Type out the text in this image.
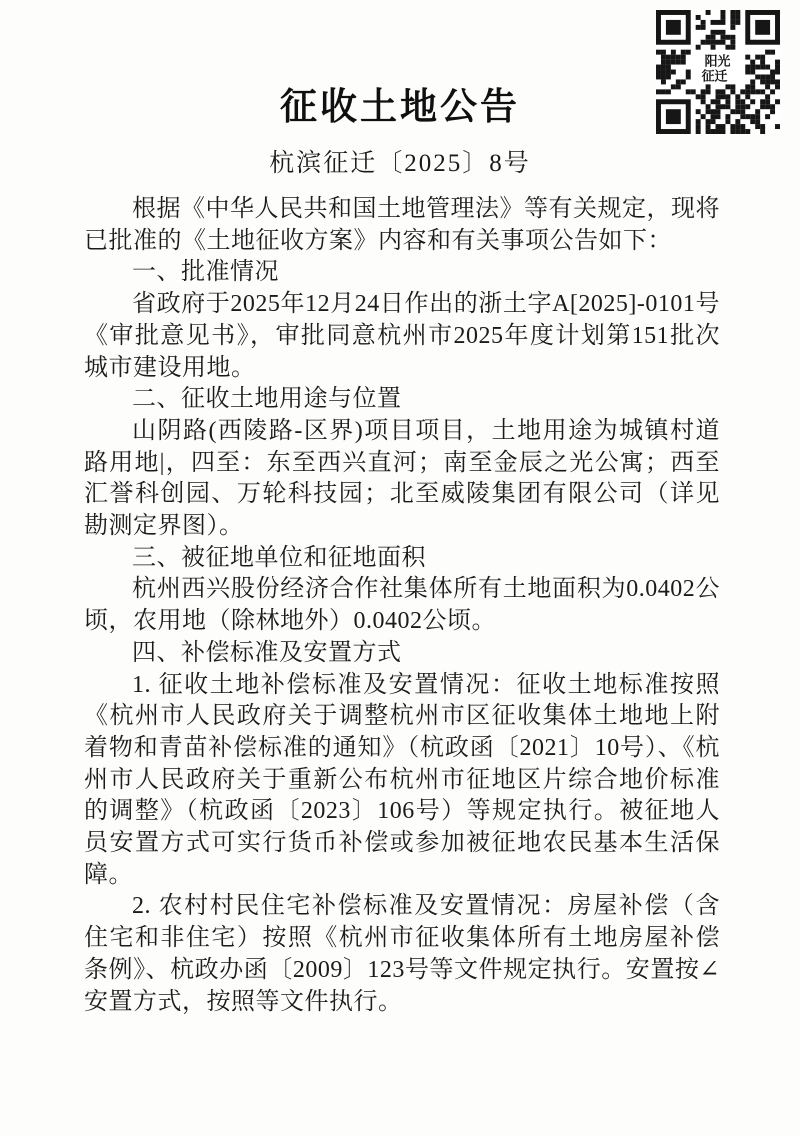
阳光
征迁
征收土地公告
杭滨征迁〔2025〕8号

根据《中华人民共和国土地管理法》等有关规定，现将已批准的《土地征收方案》内容和有关事项公告如下：

一、批准情况

省政府于2025年12月24日作出的浙土字A[2025]-0101号《审批意见书》，审批同意杭州市2025年度计划第151批次城市建设用地。

二、征收土地用途与位置

山阴路(西陵路-区界)项目项目，土地用途为城镇村道路用地|，四至：东至西兴直河；南至金辰之光公寓；西至汇誉科创园、万轮科技园；北至威陵集团有限公司（详见勘测定界图）。

三、被征地单位和征地面积

杭州西兴股份经济合作社集体所有土地面积为0.0402公顷，农用地（除林地外）0.0402公顷。

四、补偿标准及安置方式

1. 征收土地补偿标准及安置情况：征收土地标准按照《杭州市人民政府关于调整杭州市区征收集体土地地上附着物和青苗补偿标准的通知》（杭政函〔2021〕10号）、《杭州市人民政府关于重新公布杭州市征地区片综合地价标准的调整》（杭政函〔2023〕106号）等规定执行。被征地人员安置方式可实行货币补偿或参加被征地农民基本生活保障。

2. 农村村民住宅补偿标准及安置情况：房屋补偿（含住宅和非住宅）按照《杭州市征收集体所有土地房屋补偿条例》、杭政办函〔2009〕123号等文件规定执行。安置按∠安置方式，按照等文件执行。
